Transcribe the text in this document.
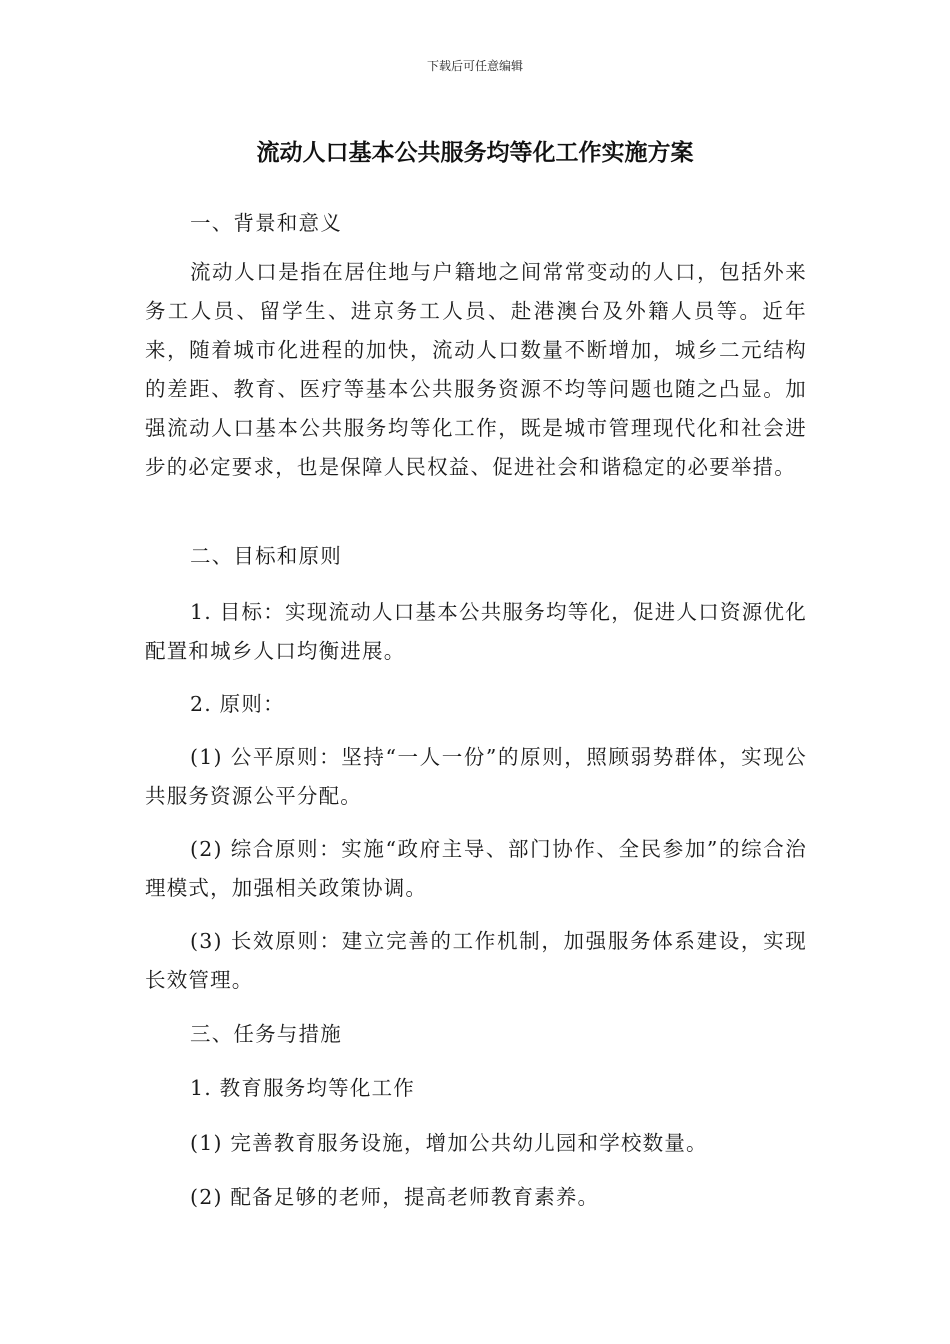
下载后可任意编辑
流动人口基本公共服务均等化工作实施方案

一、背景和意义

流动人口是指在居住地与户籍地之间常常变动的人口，包括外来务工人员、留学生、进京务工人员、赴港澳台及外籍人员等。近年来，随着城市化进程的加快，流动人口数量不断增加，城乡二元结构的差距、教育、医疗等基本公共服务资源不均等问题也随之凸显。加强流动人口基本公共服务均等化工作，既是城市管理现代化和社会进步的必定要求，也是保障人民权益、促进社会和谐稳定的必要举措。

二、目标和原则

1. 目标：实现流动人口基本公共服务均等化，促进人口资源优化配置和城乡人口均衡进展。

2. 原则：

(1) 公平原则：坚持“一人一份”的原则，照顾弱势群体，实现公共服务资源公平分配。

(2) 综合原则：实施“政府主导、部门协作、全民参加”的综合治理模式，加强相关政策协调。

(3) 长效原则：建立完善的工作机制，加强服务体系建设，实现长效管理。

三、任务与措施

1. 教育服务均等化工作

(1) 完善教育服务设施，增加公共幼儿园和学校数量。

(2) 配备足够的老师，提高老师教育素养。
